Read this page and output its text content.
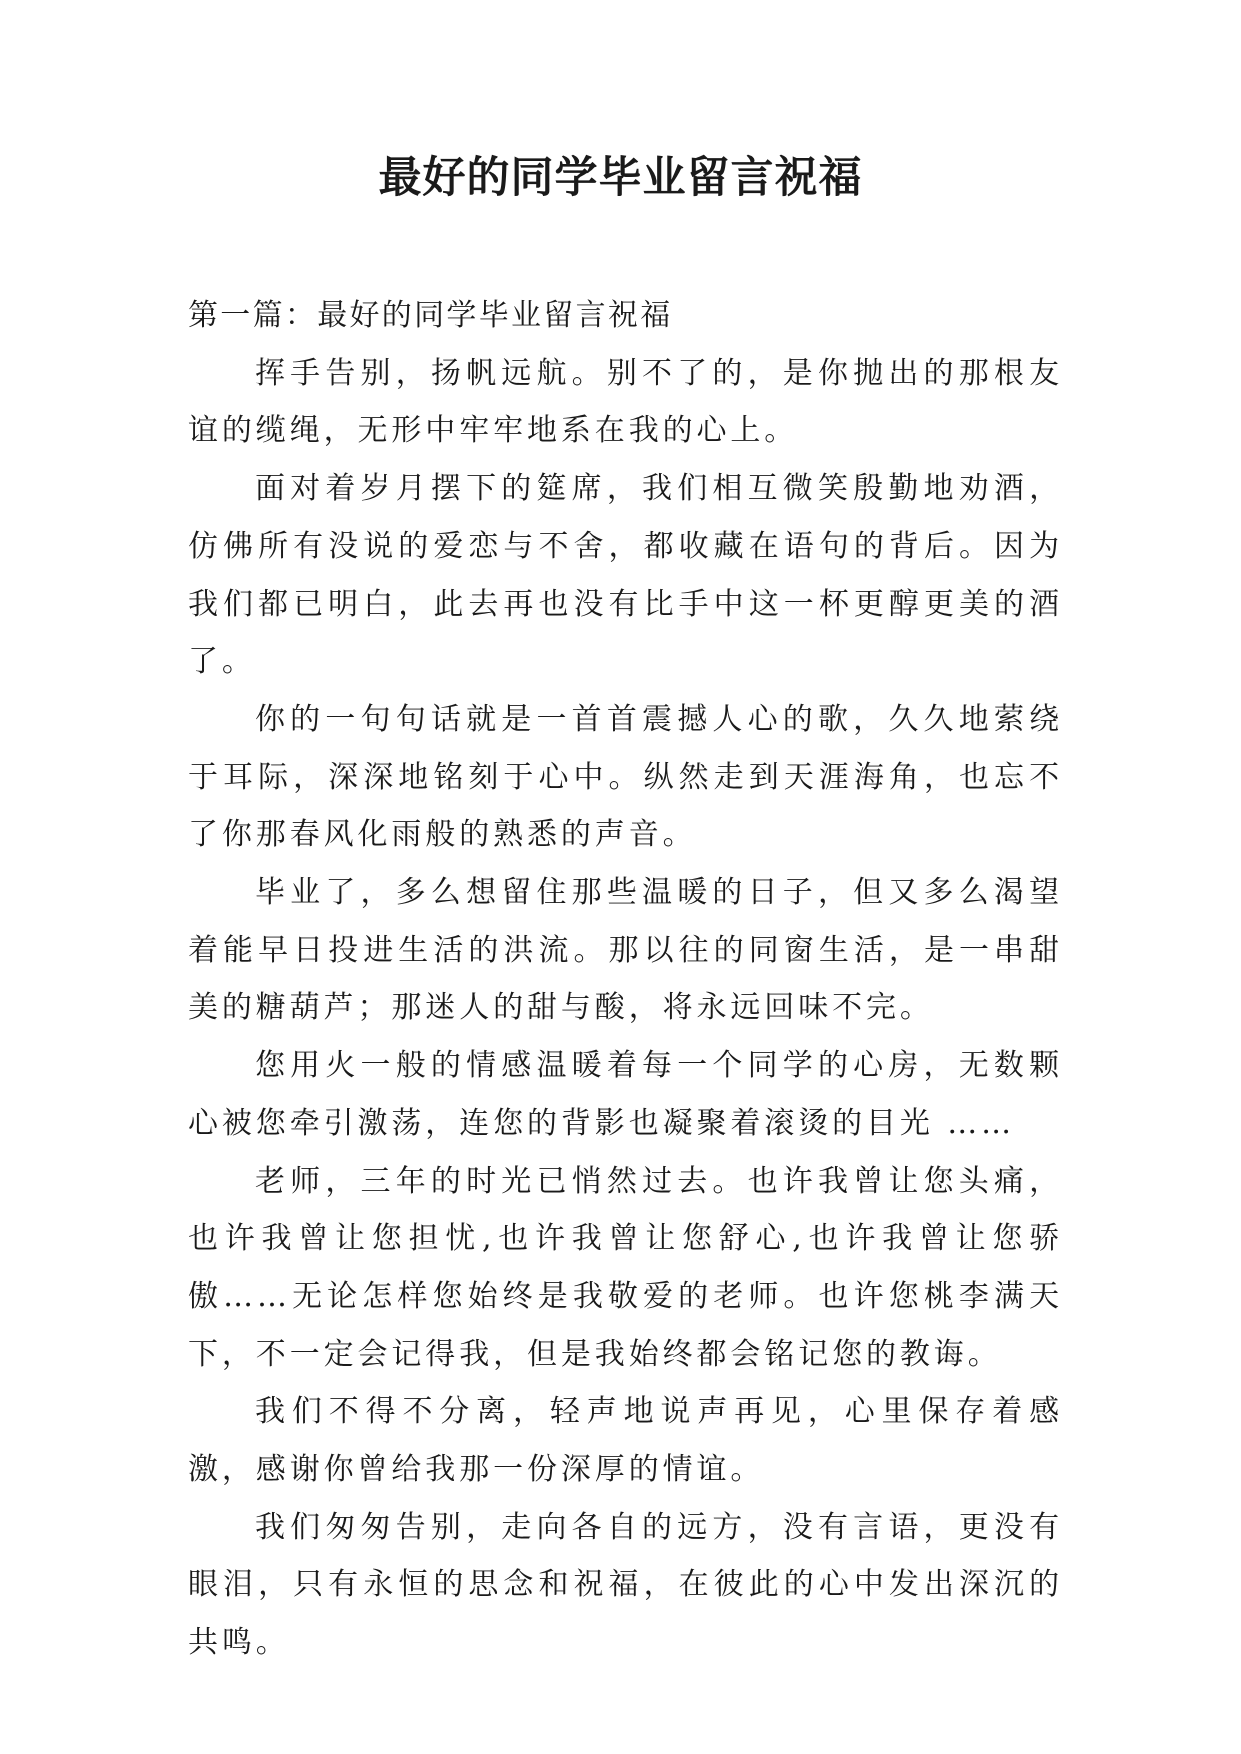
最好的同学毕业留言祝福

第一篇：最好的同学毕业留言祝福

挥手告别，扬帆远航。别不了的，是你抛出的那根友谊的缆绳，无形中牢牢地系在我的心上。

面对着岁月摆下的筵席，我们相互微笑殷勤地劝酒，仿佛所有没说的爱恋与不舍，都收藏在语句的背后。因为我们都已明白，此去再也没有比手中这一杯更醇更美的酒了。

你的一句句话就是一首首震撼人心的歌，久久地萦绕于耳际，深深地铭刻于心中。纵然走到天涯海角，也忘不了你那春风化雨般的熟悉的声音。

毕业了，多么想留住那些温暖的日子，但又多么渴望着能早日投进生活的洪流。那以往的同窗生活，是一串甜美的糖葫芦；那迷人的甜与酸，将永远回味不完。

您用火一般的情感温暖着每一个同学的心房，无数颗心被您牵引激荡，连您的背影也凝聚着滚烫的目光 ……

老师，三年的时光已悄然过去。也许我曾让您头痛，也许我曾让您担忧,也许我曾让您舒心,也许我曾让您骄傲……无论怎样您始终是我敬爱的老师。也许您桃李满天下，不一定会记得我，但是我始终都会铭记您的教诲。

我们不得不分离，轻声地说声再见，心里保存着感激，感谢你曾给我那一份深厚的情谊。

我们匆匆告别，走向各自的远方，没有言语，更没有眼泪，只有永恒的思念和祝福，在彼此的心中发出深沉的共鸣。
